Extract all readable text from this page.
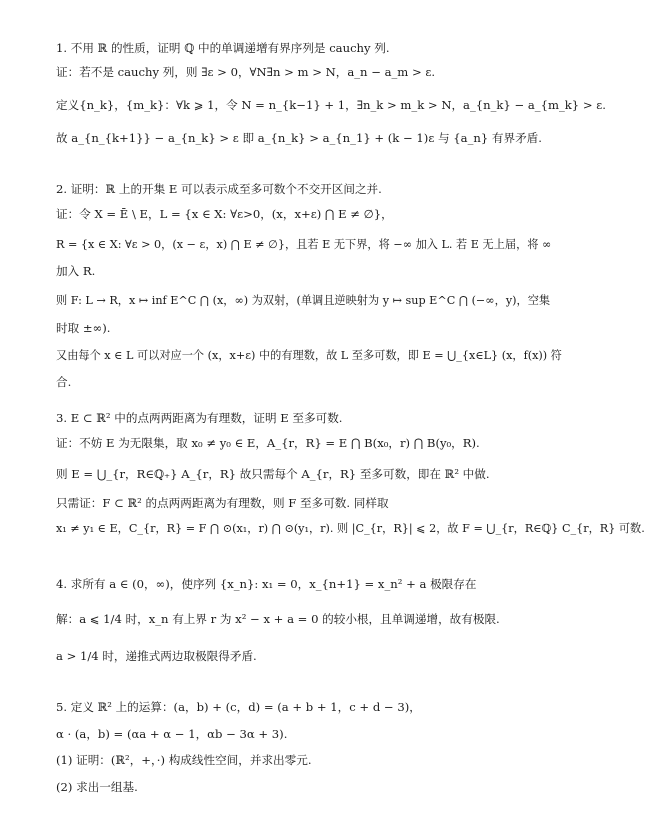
1. 不用 ℝ 的性质，证明 ℚ 中的单调递增有界序列是 cauchy 列.
证：若不是 cauchy 列，则 ∃ε > 0，∀N∃n > m > N，a_n − a_m > ε.
定义{n_k}，{m_k}：∀k ⩾ 1，令 N = n_{k−1} + 1，∃n_k > m_k > N，a_{n_k} − a_{m_k} > ε.
故 a_{n_{k+1}} − a_{n_k} > ε 即 a_{n_k} > a_{n_1} + (k − 1)ε 与 {a_n} 有界矛盾.
2. 证明：ℝ 上的开集 E 可以表示成至多可数个不交开区间之并.
证：令 X = Ē \ E，L = {x ∈ X: ∀ε>0，(x，x+ε) ⋂ E ≠ ∅}，
R = {x ∈ X: ∀ε > 0，(x − ε，x) ⋂ E ≠ ∅}，且若 E 无下界，将 −∞ 加入 L. 若 E 无上届，将 ∞
加入 R.
则 F: L → R，x ↦ inf E^C ⋂ (x，∞) 为双射，(单调且逆映射为 y ↦ sup E^C ⋂ (−∞，y)，空集
时取 ±∞).
又由每个 x ∈ L 可以对应一个 (x，x+ε) 中的有理数，故 L 至多可数，即 E = ⋃_{x∈L} (x，f(x)) 符
合.
3. E ⊂ ℝ² 中的点两两距离为有理数，证明 E 至多可数.
证：不妨 E 为无限集，取 x₀ ≠ y₀ ∈ E，A_{r，R} = E ⋂ B(x₀，r) ⋂ B(y₀，R).
则 E = ⋃_{r，R∈ℚ₊} A_{r，R} 故只需每个 A_{r，R} 至多可数，即在 ℝ² 中做.
只需证：F ⊂ ℝ² 的点两两距离为有理数，则 F 至多可数. 同样取
x₁ ≠ y₁ ∈ E，C_{r，R} = F ⋂ ⊙(x₁，r) ⋂ ⊙(y₁，r). 则 |C_{r，R}| ⩽ 2，故 F = ⋃_{r，R∈ℚ} C_{r，R} 可数.
4. 求所有 a ∈ (0，∞)，使序列 {x_n}: x₁ = 0，x_{n+1} = x_n² + a 极限存在
解：a ⩽ 1/4 时，x_n 有上界 r 为 x² − x + a = 0 的较小根，且单调递增，故有极限.
a > 1/4 时，递推式两边取极限得矛盾.
5. 定义 ℝ² 上的运算：(a，b) + (c，d) = (a + b + 1，c + d − 3)，
α · (a，b) = (αa + α − 1，αb − 3α + 3).
(1) 证明：(ℝ²，+，·) 构成线性空间，并求出零元.
(2) 求出一组基.
